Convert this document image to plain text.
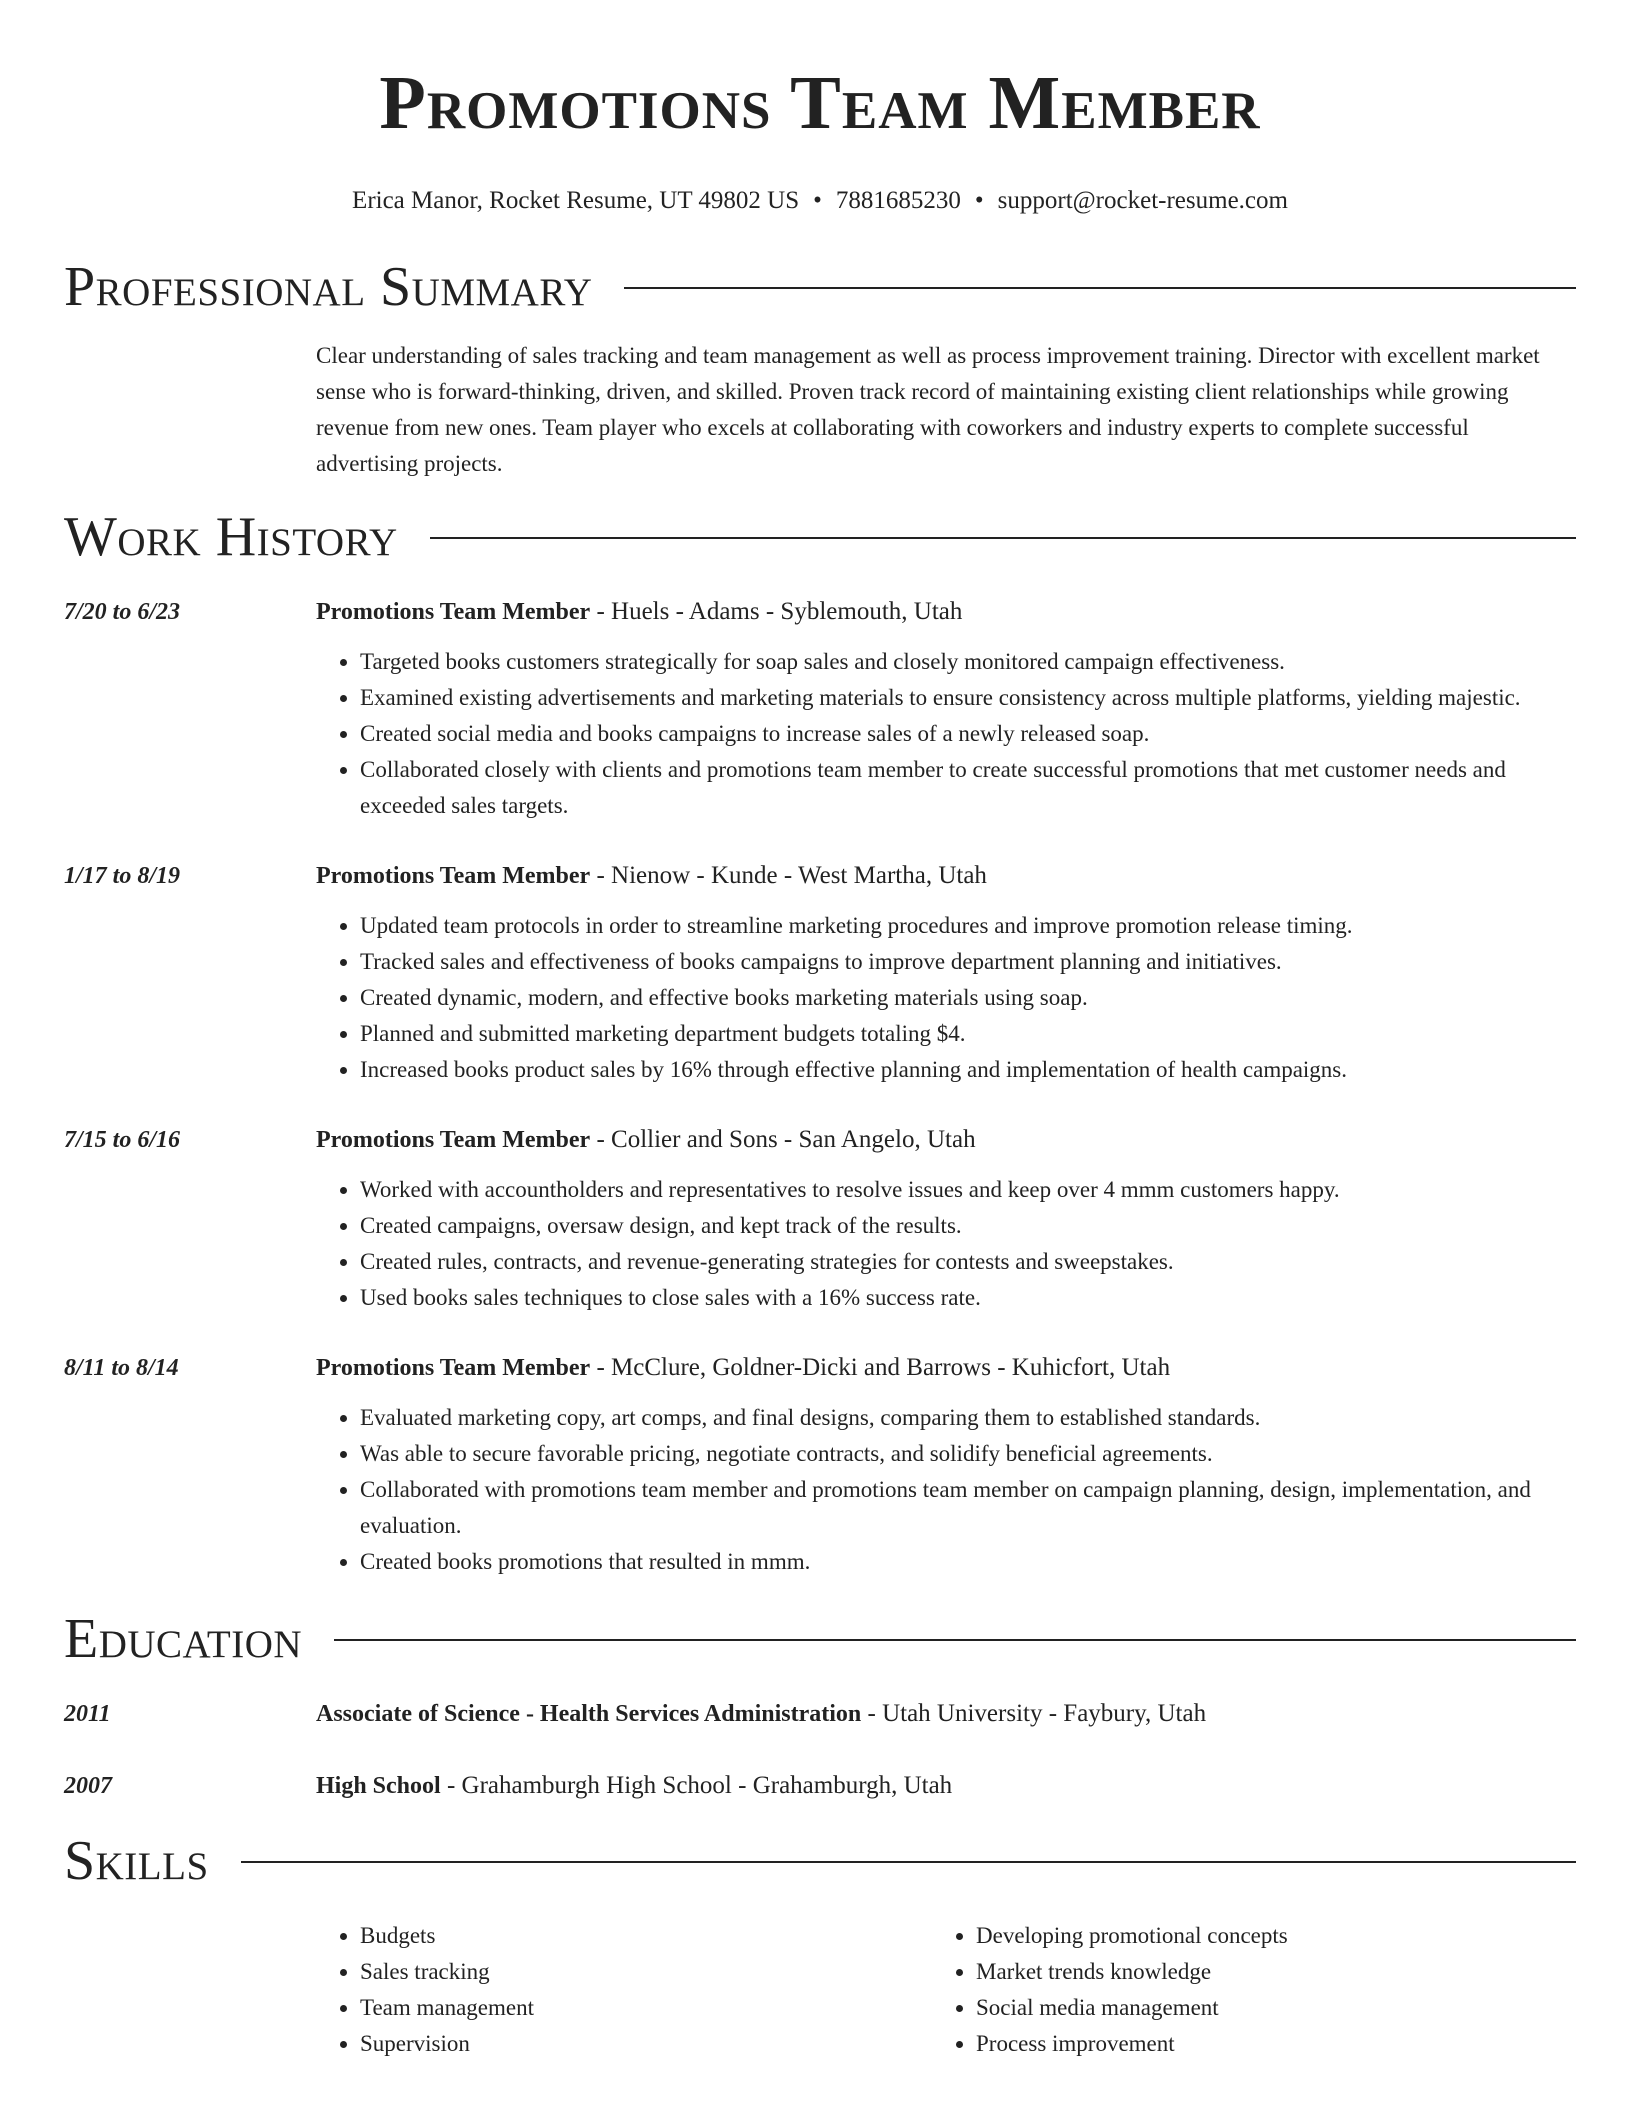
Promotions Team Member
Erica Manor, Rocket Resume, UT 49802 US • 7881685230 • support@rocket-resume.com
Professional Summary
Clear understanding of sales tracking and team management as well as process improvement training. Director with excellent market sense who is forward-thinking, driven, and skilled. Proven track record of maintaining existing client relationships while growing revenue from new ones. Team player who excels at collaborating with coworkers and industry experts to complete successful advertising projects.
Work History
7/20 to 6/23	Promotions Team Member - Huels - Adams - Syblemouth, Utah
• Targeted books customers strategically for soap sales and closely monitored campaign effectiveness.
• Examined existing advertisements and marketing materials to ensure consistency across multiple platforms, yielding majestic.
• Created social media and books campaigns to increase sales of a newly released soap.
• Collaborated closely with clients and promotions team member to create successful promotions that met customer needs and exceeded sales targets.
1/17 to 8/19	Promotions Team Member - Nienow - Kunde - West Martha, Utah
• Updated team protocols in order to streamline marketing procedures and improve promotion release timing.
• Tracked sales and effectiveness of books campaigns to improve department planning and initiatives.
• Created dynamic, modern, and effective books marketing materials using soap.
• Planned and submitted marketing department budgets totaling $4.
• Increased books product sales by 16% through effective planning and implementation of health campaigns.
7/15 to 6/16	Promotions Team Member - Collier and Sons - San Angelo, Utah
• Worked with accountholders and representatives to resolve issues and keep over 4 mmm customers happy.
• Created campaigns, oversaw design, and kept track of the results.
• Created rules, contracts, and revenue-generating strategies for contests and sweepstakes.
• Used books sales techniques to close sales with a 16% success rate.
8/11 to 8/14	Promotions Team Member - McClure, Goldner-Dicki and Barrows - Kuhicfort, Utah
• Evaluated marketing copy, art comps, and final designs, comparing them to established standards.
• Was able to secure favorable pricing, negotiate contracts, and solidify beneficial agreements.
• Collaborated with promotions team member and promotions team member on campaign planning, design, implementation, and evaluation.
• Created books promotions that resulted in mmm.
Education
2011	Associate of Science - Health Services Administration - Utah University - Faybury, Utah
2007	High School - Grahamburgh High School - Grahamburgh, Utah
Skills
• Budgets
• Sales tracking
• Team management
• Supervision
• Developing promotional concepts
• Market trends knowledge
• Social media management
• Process improvement
